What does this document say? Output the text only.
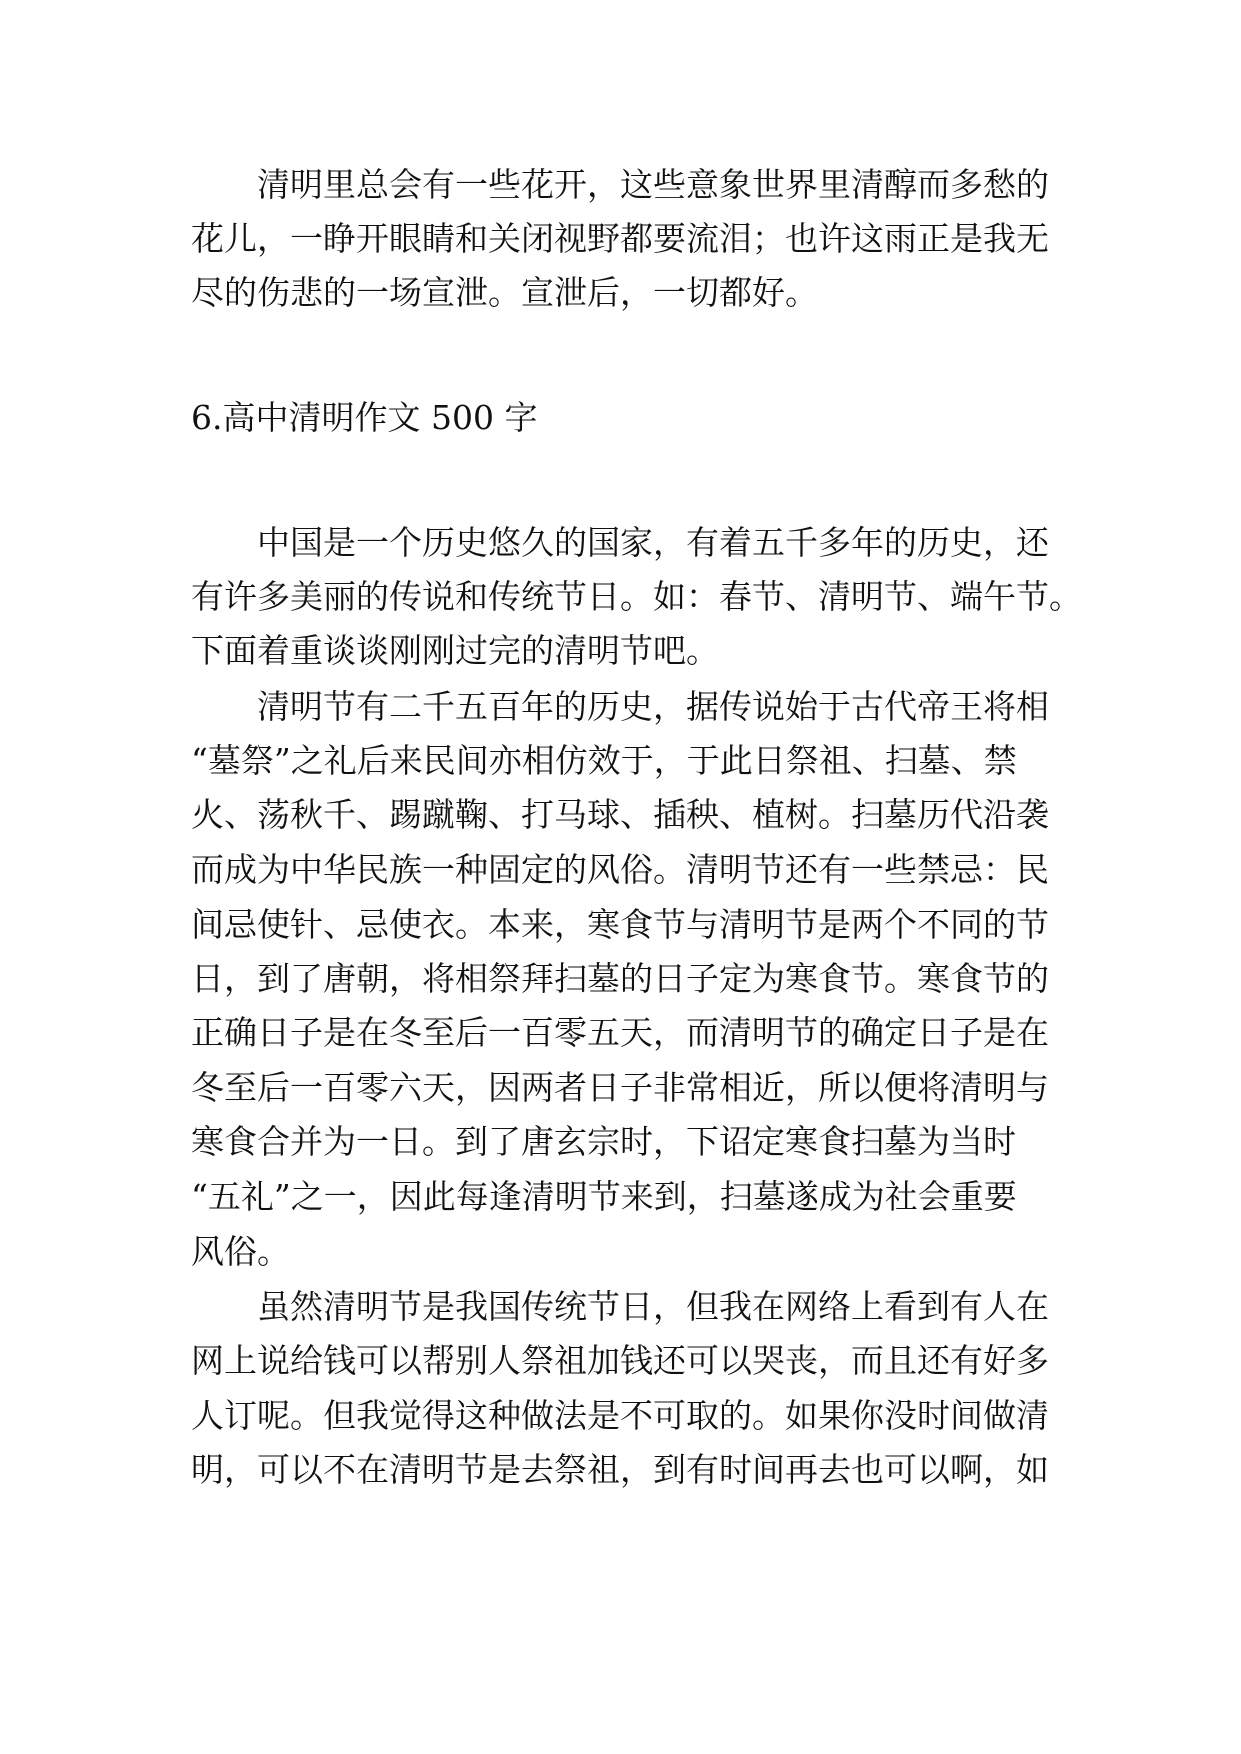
清明里总会有一些花开，这些意象世界里清醇而多愁的
花儿，一睁开眼睛和关闭视野都要流泪；也许这雨正是我无
尽的伤悲的一场宣泄。宣泄后，一切都好。
6.高中清明作文 500 字
中国是一个历史悠久的国家，有着五千多年的历史，还
有许多美丽的传说和传统节日。如：春节、清明节、端午节。
下面着重谈谈刚刚过完的清明节吧。
清明节有二千五百年的历史，据传说始于古代帝王将相
“墓祭”之礼后来民间亦相仿效于，于此日祭祖、扫墓、禁
火、荡秋千、踢蹴鞠、打马球、插秧、植树。扫墓历代沿袭
而成为中华民族一种固定的风俗。清明节还有一些禁忌：民
间忌使针、忌使衣。本来，寒食节与清明节是两个不同的节
日，到了唐朝，将相祭拜扫墓的日子定为寒食节。寒食节的
正确日子是在冬至后一百零五天，而清明节的确定日子是在
冬至后一百零六天，因两者日子非常相近，所以便将清明与
寒食合并为一日。到了唐玄宗时，下诏定寒食扫墓为当时
“五礼”之一，因此每逢清明节来到，扫墓遂成为社会重要
风俗。
虽然清明节是我国传统节日，但我在网络上看到有人在
网上说给钱可以帮别人祭祖加钱还可以哭丧，而且还有好多
人订呢。但我觉得这种做法是不可取的。如果你没时间做清
明，可以不在清明节是去祭祖，到有时间再去也可以啊，如
